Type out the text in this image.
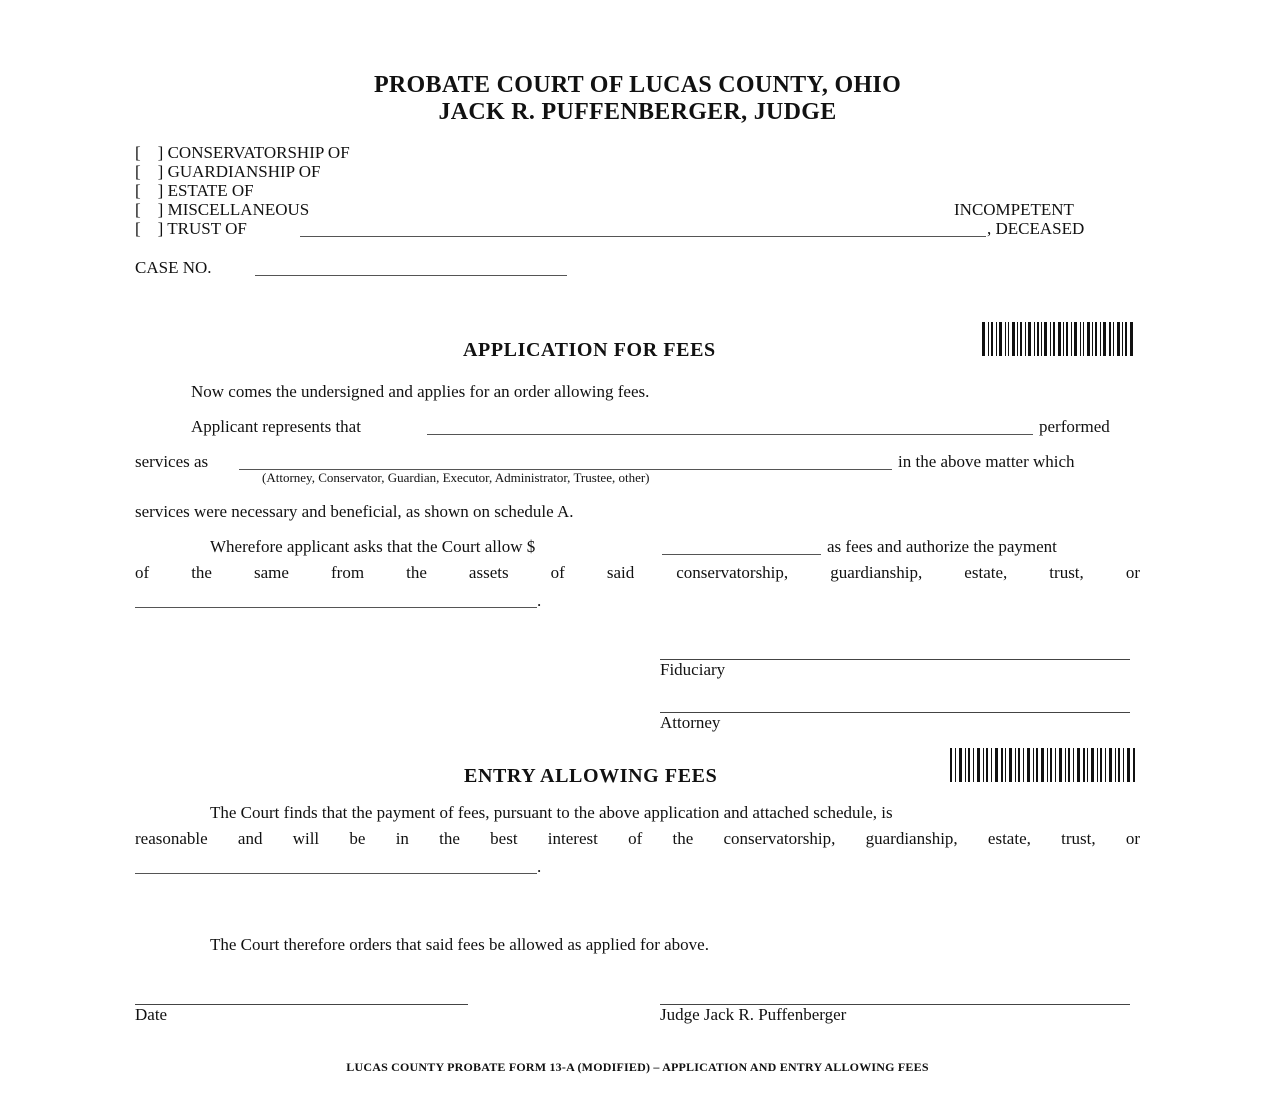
PROBATE COURT OF LUCAS COUNTY, OHIO
JACK R. PUFFENBERGER, JUDGE
[    ] CONSERVATORSHIP OF
[    ] GUARDIANSHIP OF
[    ] ESTATE OF
[    ] MISCELLANEOUS
[    ] TRUST OF
INCOMPETENT
, DECEASED
CASE NO.
APPLICATION FOR FEES
Now comes the undersigned and applies for an order allowing fees.
Applicant represents that	performed
services as	in the above matter which
(Attorney, Conservator, Guardian, Executor, Administrator, Trustee, other)
services were necessary and beneficial, as shown on schedule A.
Wherefore applicant asks that the Court allow $	as fees and authorize the payment
of the same from the assets of said conservatorship, guardianship, estate, trust, or
.
Fiduciary
Attorney
ENTRY ALLOWING FEES
The Court finds that the payment of fees, pursuant to the above application and attached schedule, is
reasonable and will be in the best interest of the conservatorship, guardianship, estate, trust, or
.
The Court therefore orders that said fees be allowed as applied for above.
Date	Judge Jack R. Puffenberger
LUCAS COUNTY PROBATE FORM 13-A (MODIFIED) – APPLICATION AND ENTRY ALLOWING FEES
